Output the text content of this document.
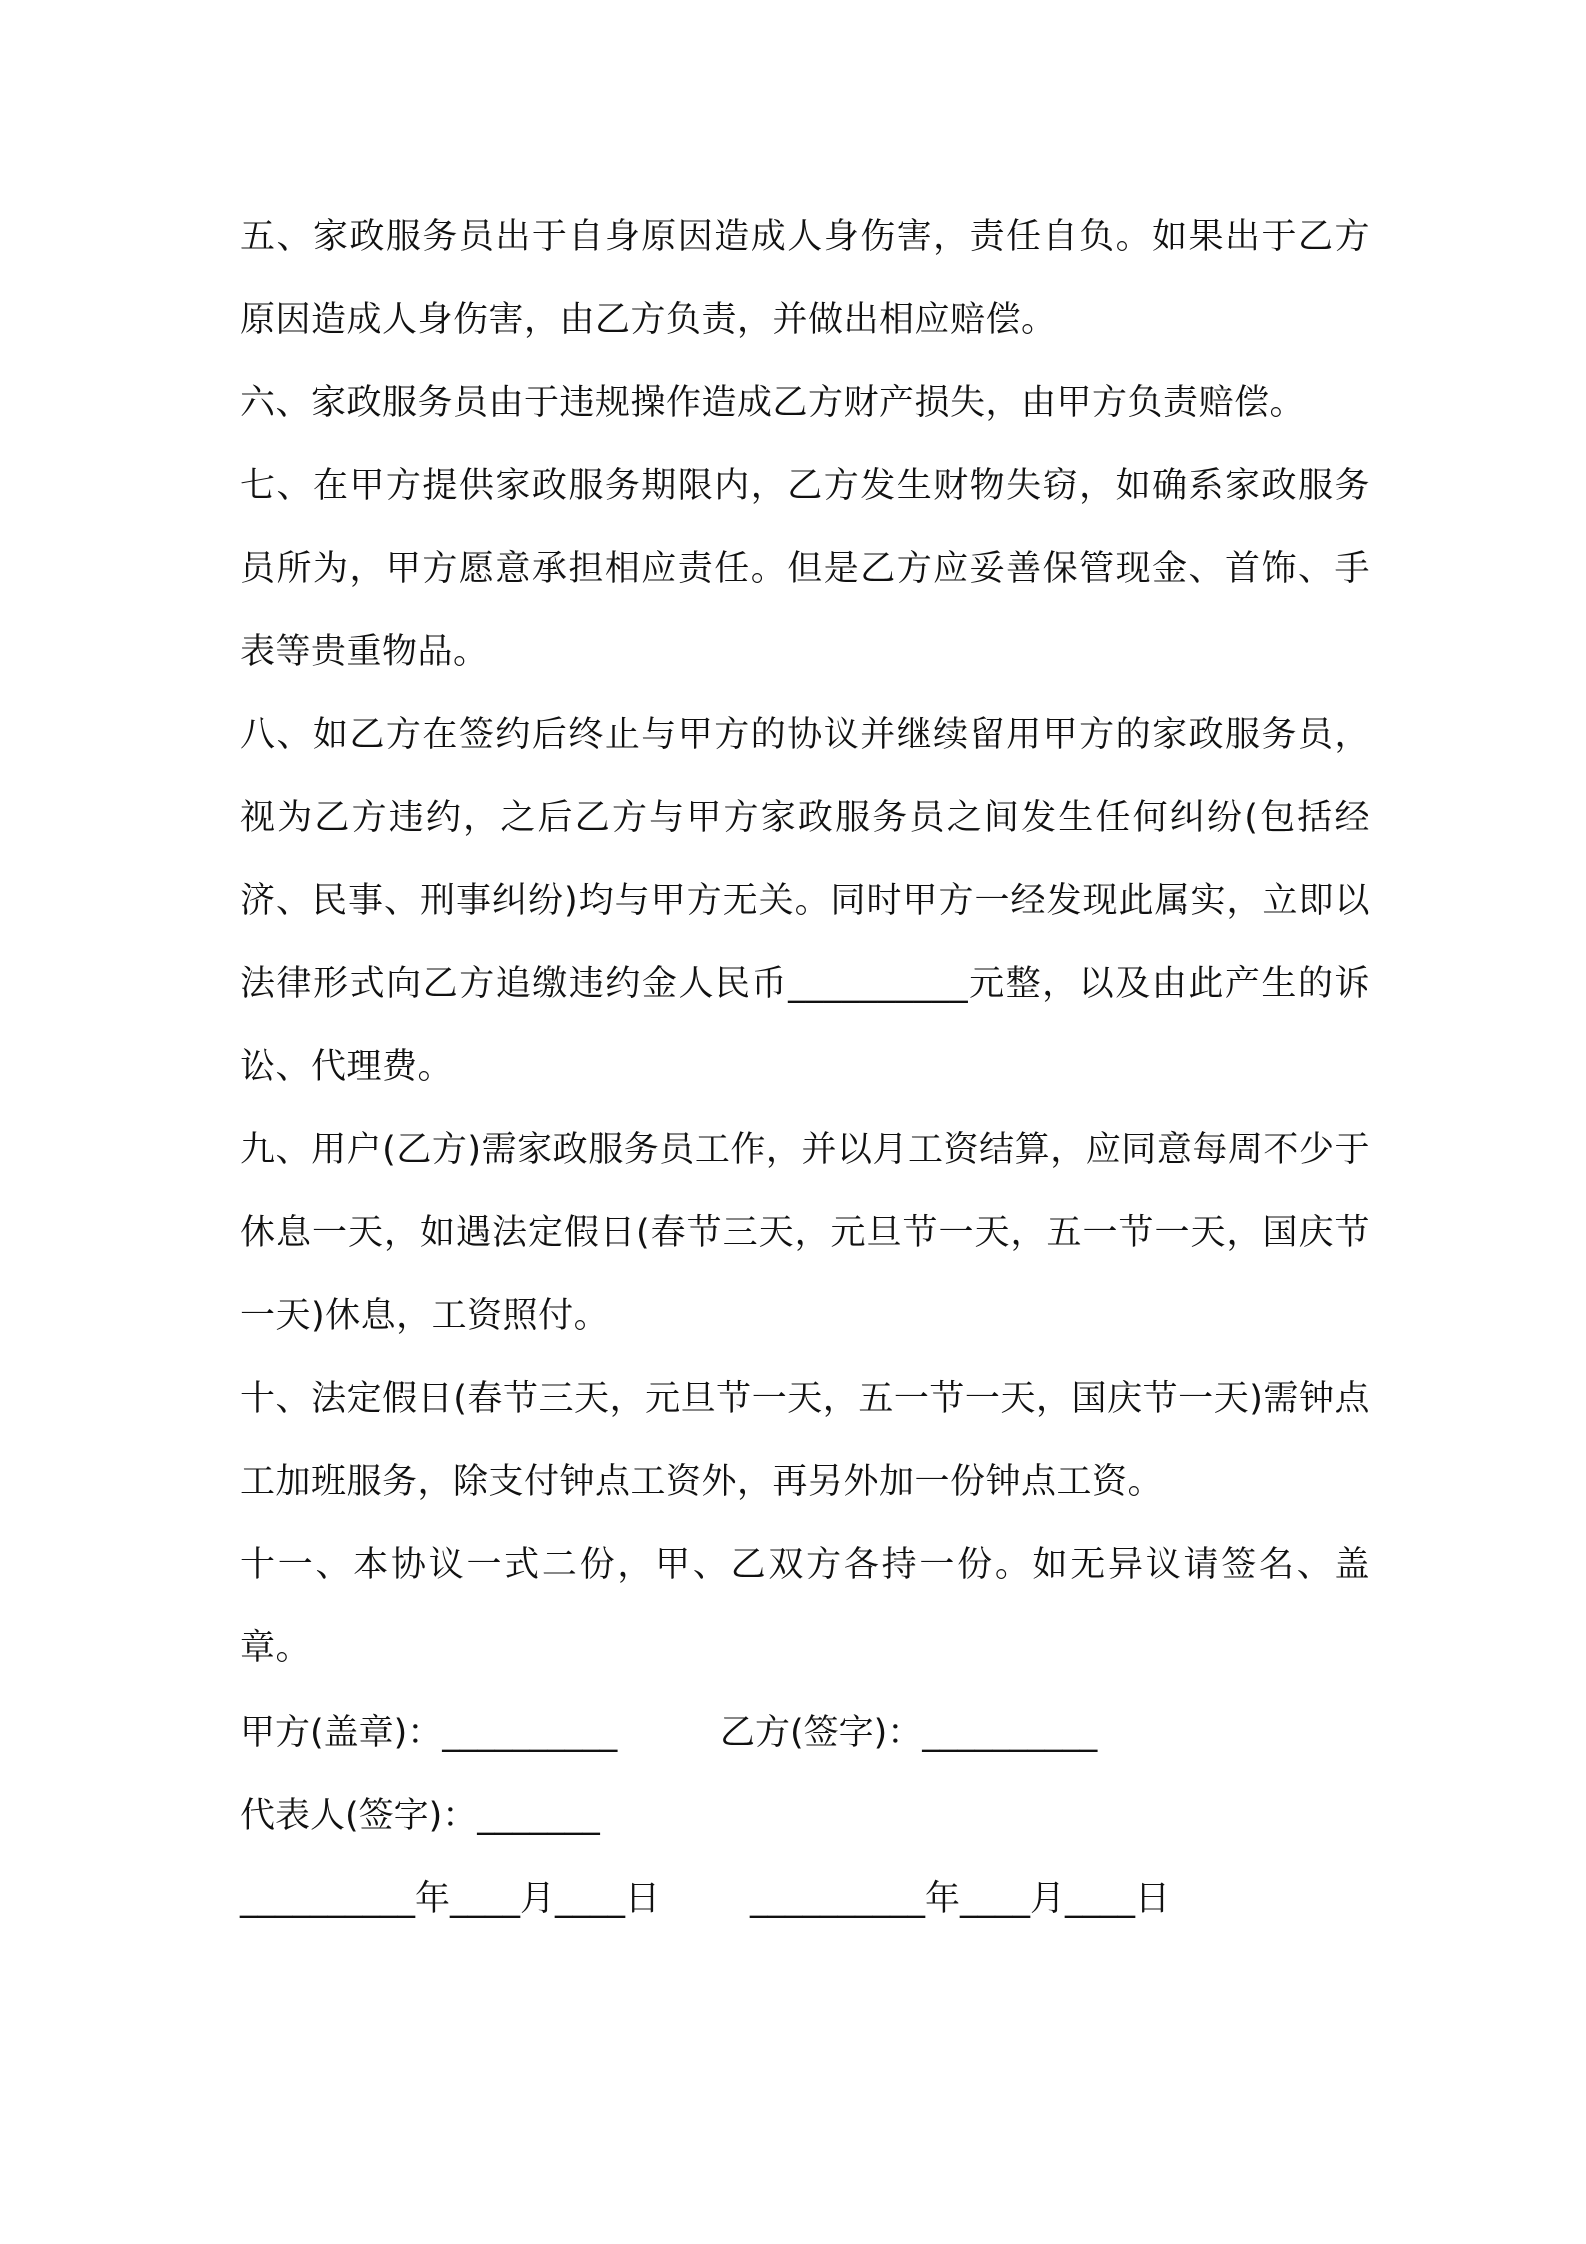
五、家政服务员出于自身原因造成人身伤害，责任自负。如果出于乙方原因造成人身伤害，由乙方负责，并做出相应赔偿。

六、家政服务员由于违规操作造成乙方财产损失，由甲方负责赔偿。

七、在甲方提供家政服务期限内，乙方发生财物失窃，如确系家政服务员所为，甲方愿意承担相应责任。但是乙方应妥善保管现金、首饰、手表等贵重物品。

八、如乙方在签约后终止与甲方的协议并继续留用甲方的家政服务员，视为乙方违约，之后乙方与甲方家政服务员之间发生任何纠纷(包括经济、民事、刑事纠纷)均与甲方无关。同时甲方一经发现此属实，立即以法律形式向乙方追缴违约金人民币__________元整，以及由此产生的诉讼、代理费。

九、用户(乙方)需家政服务员工作，并以月工资结算，应同意每周不少于休息一天，如遇法定假日(春节三天，元旦节一天，五一节一天，国庆节一天)休息，工资照付。

十、法定假日(春节三天，元旦节一天，五一节一天，国庆节一天)需钟点工加班服务，除支付钟点工资外，再另外加一份钟点工资。

十一、本协议一式二份，甲、乙双方各持一份。如无异议请签名、盖章。

甲方(盖章)：__________	乙方(签字)：__________
代表人(签字)：_______
__________年____月____日	__________年____月____日
